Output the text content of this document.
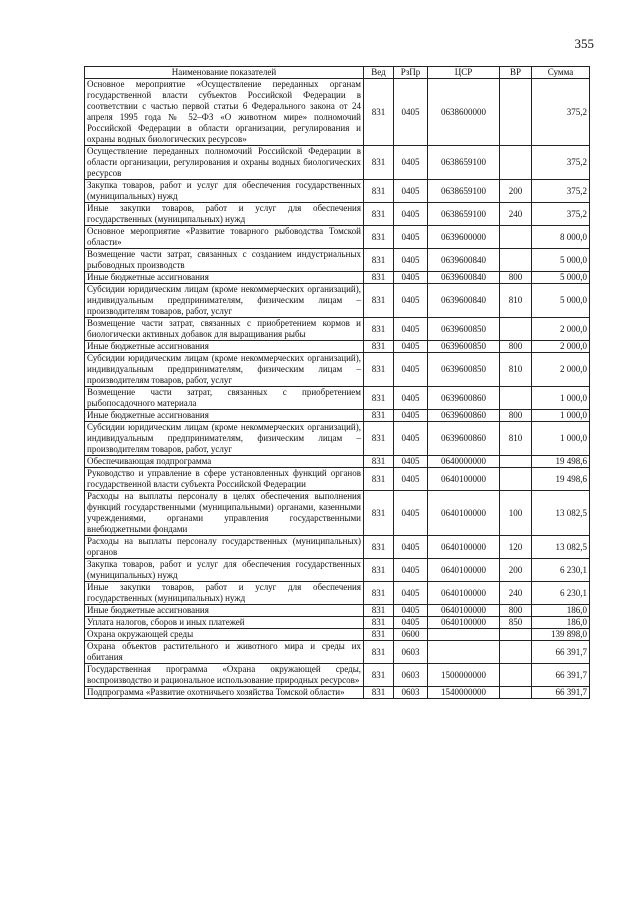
355
Наименование показателей	Вед	РзПр	ЦСР	ВР	Сумма
Основное мероприятие «Осуществление переданных органам государственной власти субъектов Российской Федерации в соответствии с частью первой статьи 6 Федерального закона от 24 апреля 1995 года № 52–ФЗ «О животном мире» полномочий Российской Федерации в области организации, регулирования и охраны водных биологических ресурсов»	831	0405	0638600000		375,2
Осуществление переданных полномочий Российской Федерации в области организации, регулирования и охраны водных биологических ресурсов	831	0405	0638659100		375,2
Закупка товаров, работ и услуг для обеспечения государственных (муниципальных) нужд	831	0405	0638659100	200	375,2
Иные закупки товаров, работ и услуг для обеспечения государственных (муниципальных) нужд	831	0405	0638659100	240	375,2
Основное мероприятие «Развитие товарного рыбоводства Томской области»	831	0405	0639600000		8 000,0
Возмещение части затрат, связанных с созданием индустриальных рыбоводных производств	831	0405	0639600840		5 000,0
Иные бюджетные ассигнования	831	0405	0639600840	800	5 000,0
Субсидии юридическим лицам (кроме некоммерческих организаций), индивидуальным предпринимателям, физическим лицам – производителям товаров, работ, услуг	831	0405	0639600840	810	5 000,0
Возмещение части затрат, связанных с приобретением кормов и биологически активных добавок для выращивания рыбы	831	0405	0639600850		2 000,0
Иные бюджетные ассигнования	831	0405	0639600850	800	2 000,0
Субсидии юридическим лицам (кроме некоммерческих организаций), индивидуальным предпринимателям, физическим лицам – производителям товаров, работ, услуг	831	0405	0639600850	810	2 000,0
Возмещение части затрат, связанных с приобретением рыбопосадочного материала	831	0405	0639600860		1 000,0
Иные бюджетные ассигнования	831	0405	0639600860	800	1 000,0
Субсидии юридическим лицам (кроме некоммерческих организаций), индивидуальным предпринимателям, физическим лицам – производителям товаров, работ, услуг	831	0405	0639600860	810	1 000,0
Обеспечивающая подпрограмма	831	0405	0640000000		19 498,6
Руководство и управление в сфере установленных функций органов государственной власти субъекта Российской Федерации	831	0405	0640100000		19 498,6
Расходы на выплаты персоналу в целях обеспечения выполнения функций государственными (муниципальными) органами, казенными учреждениями, органами управления государственными внебюджетными фондами	831	0405	0640100000	100	13 082,5
Расходы на выплаты персоналу государственных (муниципальных) органов	831	0405	0640100000	120	13 082,5
Закупка товаров, работ и услуг для обеспечения государственных (муниципальных) нужд	831	0405	0640100000	200	6 230,1
Иные закупки товаров, работ и услуг для обеспечения государственных (муниципальных) нужд	831	0405	0640100000	240	6 230,1
Иные бюджетные ассигнования	831	0405	0640100000	800	186,0
Уплата налогов, сборов и иных платежей	831	0405	0640100000	850	186,0
Охрана окружающей среды	831	0600			139 898,0
Охрана объектов растительного и животного мира и среды их обитания	831	0603			66 391,7
Государственная программа «Охрана окружающей среды, воспроизводство и рациональное использование природных ресурсов»	831	0603	1500000000		66 391,7
Подпрограмма «Развитие охотничьего хозяйства Томской области»	831	0603	1540000000		66 391,7
